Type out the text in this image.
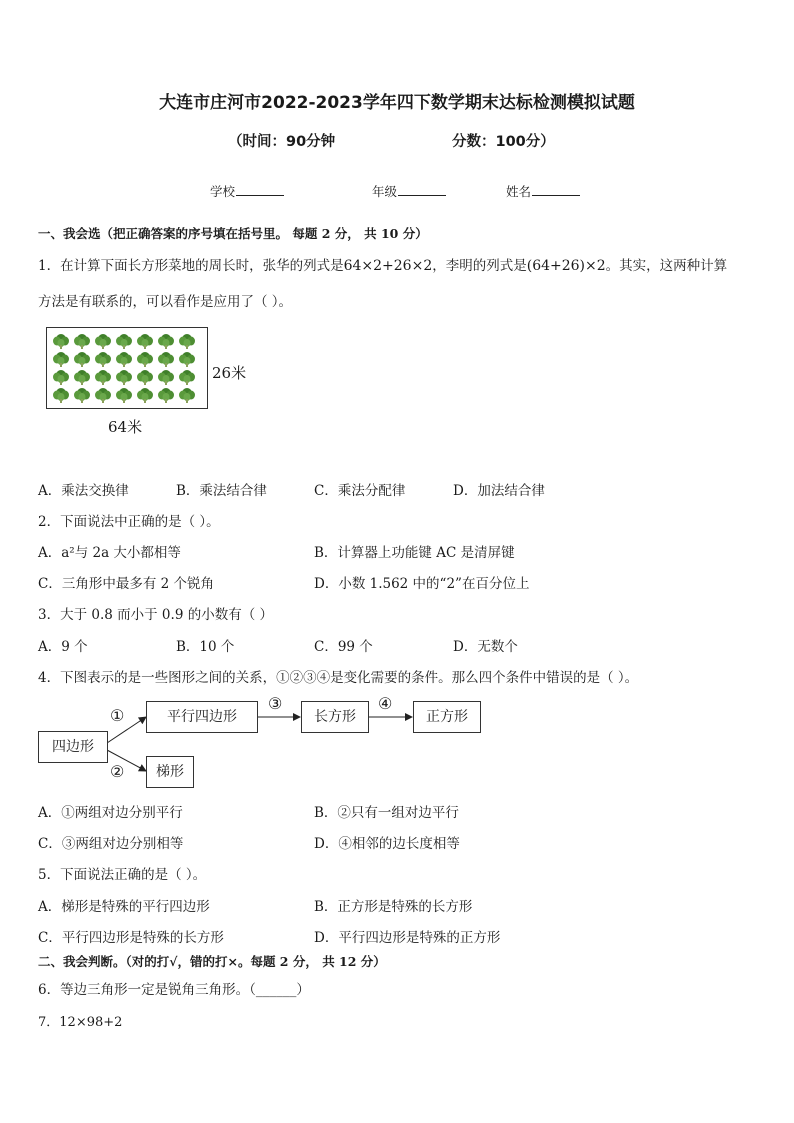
大连市庄河市2022-2023学年四下数学期末达标检测模拟试题
（时间：90分钟	分数：100分）
学校	年级	姓名
一、我会选（把正确答案的序号填在括号里。 每题 2 分， 共 10 分）
1．在计算下面长方形菜地的周长时，张华的列式是64×2+26×2，李明的列式是(64+26)×2。其实，这两种计算
方法是有联系的，可以看作是应用了（ ）。
26米
64米
A．乘法交换律	B．乘法结合律	C．乘法分配律	D．加法结合律
2．下面说法中正确的是（ ）。
A．a²与 2a 大小都相等	B．计算器上功能键 AC 是清屏键
C．三角形中最多有 2 个锐角	D．小数 1.562 中的“2”在百分位上
3．大于 0.8 而小于 0.9 的小数有（ ）
A．9 个	B．10 个	C．99 个	D．无数个
4．下图表示的是一些图形之间的关系，①②③④是变化需要的条件。那么四个条件中错误的是（ ）。
四边形
平行四边形	长方形	正方形
梯形
①
②
③	④
A．①两组对边分别平行	B．②只有一组对边平行
C．③两组对边分别相等	D．④相邻的边长度相等
5．下面说法正确的是（ ）。
A．梯形是特殊的平行四边形	B．正方形是特殊的长方形
C．平行四边形是特殊的长方形	D．平行四边形是特殊的正方形
二、我会判断。（对的打√，错的打×。每题 2 分， 共 12 分）
6．等边三角形一定是锐角三角形。（______）
7．12×98+2
